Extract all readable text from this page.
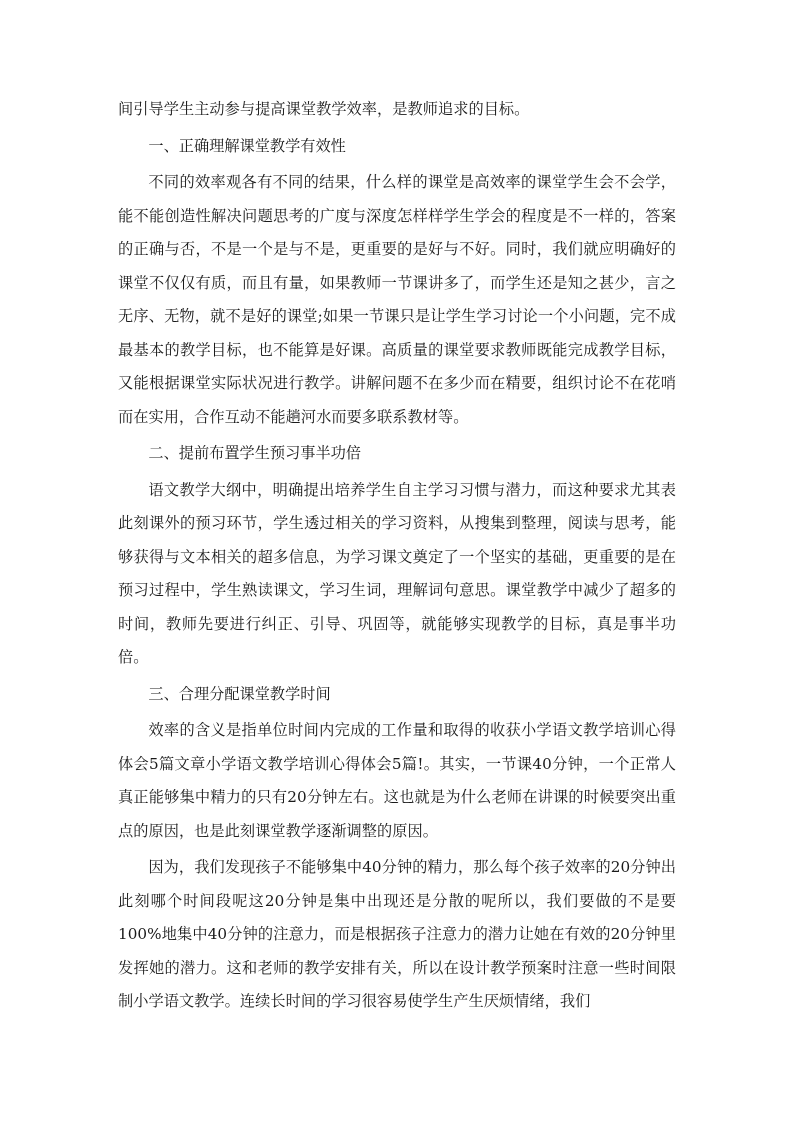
间引导学生主动参与提高课堂教学效率，是教师追求的目标。

一、正确理解课堂教学有效性

不同的效率观各有不同的结果，什么样的课堂是高效率的课堂学生会不会学，能不能创造性解决问题思考的广度与深度怎样样学生学会的程度是不一样的，答案的正确与否，不是一个是与不是，更重要的是好与不好。同时，我们就应明确好的课堂不仅仅有质，而且有量，如果教师一节课讲多了，而学生还是知之甚少，言之无序、无物，就不是好的课堂;如果一节课只是让学生学习讨论一个小问题，完不成最基本的教学目标，也不能算是好课。高质量的课堂要求教师既能完成教学目标，又能根据课堂实际状况进行教学。讲解问题不在多少而在精要，组织讨论不在花哨而在实用，合作互动不能趟河水而要多联系教材等。

二、提前布置学生预习事半功倍

语文教学大纲中，明确提出培养学生自主学习习惯与潜力，而这种要求尤其表此刻课外的预习环节，学生透过相关的学习资料，从搜集到整理，阅读与思考，能够获得与文本相关的超多信息，为学习课文奠定了一个坚实的基础，更重要的是在预习过程中，学生熟读课文，学习生词，理解词句意思。课堂教学中减少了超多的时间，教师先要进行纠正、引导、巩固等，就能够实现教学的目标，真是事半功倍。

三、合理分配课堂教学时间

效率的含义是指单位时间内完成的工作量和取得的收获小学语文教学培训心得体会5篇文章小学语文教学培训心得体会5篇!。其实，一节课40分钟，一个正常人真正能够集中精力的只有20分钟左右。这也就是为什么老师在讲课的时候要突出重点的原因，也是此刻课堂教学逐渐调整的原因。

因为，我们发现孩子不能够集中40分钟的精力，那么每个孩子效率的20分钟出此刻哪个时间段呢这20分钟是集中出现还是分散的呢所以，我们要做的不是要100%地集中40分钟的注意力，而是根据孩子注意力的潜力让她在有效的20分钟里发挥她的潜力。这和老师的教学安排有关，所以在设计教学预案时注意一些时间限制小学语文教学。连续长时间的学习很容易使学生产生厌烦情绪，我们
